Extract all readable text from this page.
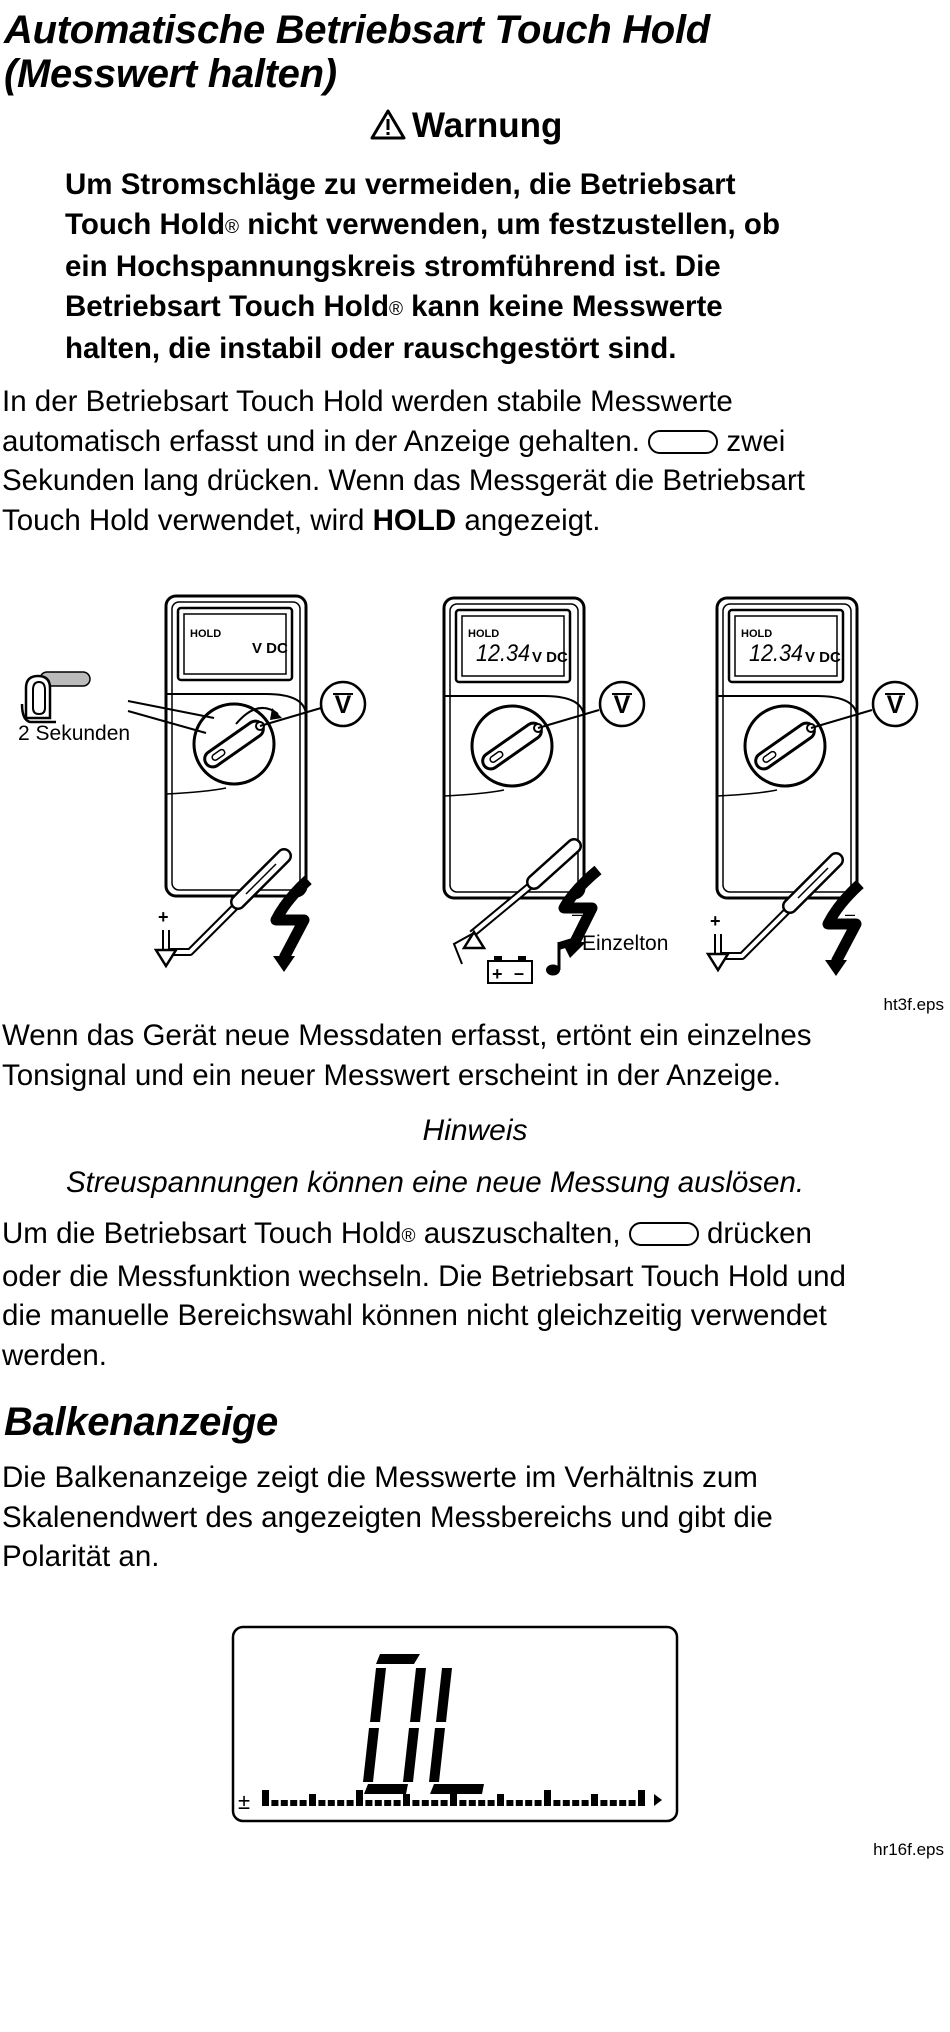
Automatische Betriebsart Touch Hold
(Messwert halten)
Warnung
Um Stromschläge zu vermeiden, die Betriebsart
Touch Hold® nicht verwenden, um festzustellen, ob
ein Hochspannungskreis stromführend ist. Die
Betriebsart Touch Hold® kann keine Messwerte
halten, die instabil oder rauschgestört sind.
In der Betriebsart Touch Hold werden stabile Messwerte
automatisch erfasst und in der Anzeige gehalten.	zwei
Sekunden lang drücken. Wenn das Messgerät die Betriebsart
Touch Hold verwendet, wird HOLD angezeigt.
HOLD
V DC
V
+	–
2 Sekunden
HOLD
12.34 V DC
V
–
+ –
Einzelton
HOLD
12.34 V DC
V
+	–
ht3f.eps
Wenn das Gerät neue Messdaten erfasst, ertönt ein einzelnes
Tonsignal und ein neuer Messwert erscheint in der Anzeige.
Hinweis
Streuspannungen können eine neue Messung auslösen.
Um die Betriebsart Touch Hold® auszuschalten,	drücken
oder die Messfunktion wechseln. Die Betriebsart Touch Hold und
die manuelle Bereichswahl können nicht gleichzeitig verwendet
werden.
Balkenanzeige
Die Balkenanzeige zeigt die Messwerte im Verhältnis zum
Skalenendwert des angezeigten Messbereichs und gibt die
Polarität an.
±
hr16f.eps
